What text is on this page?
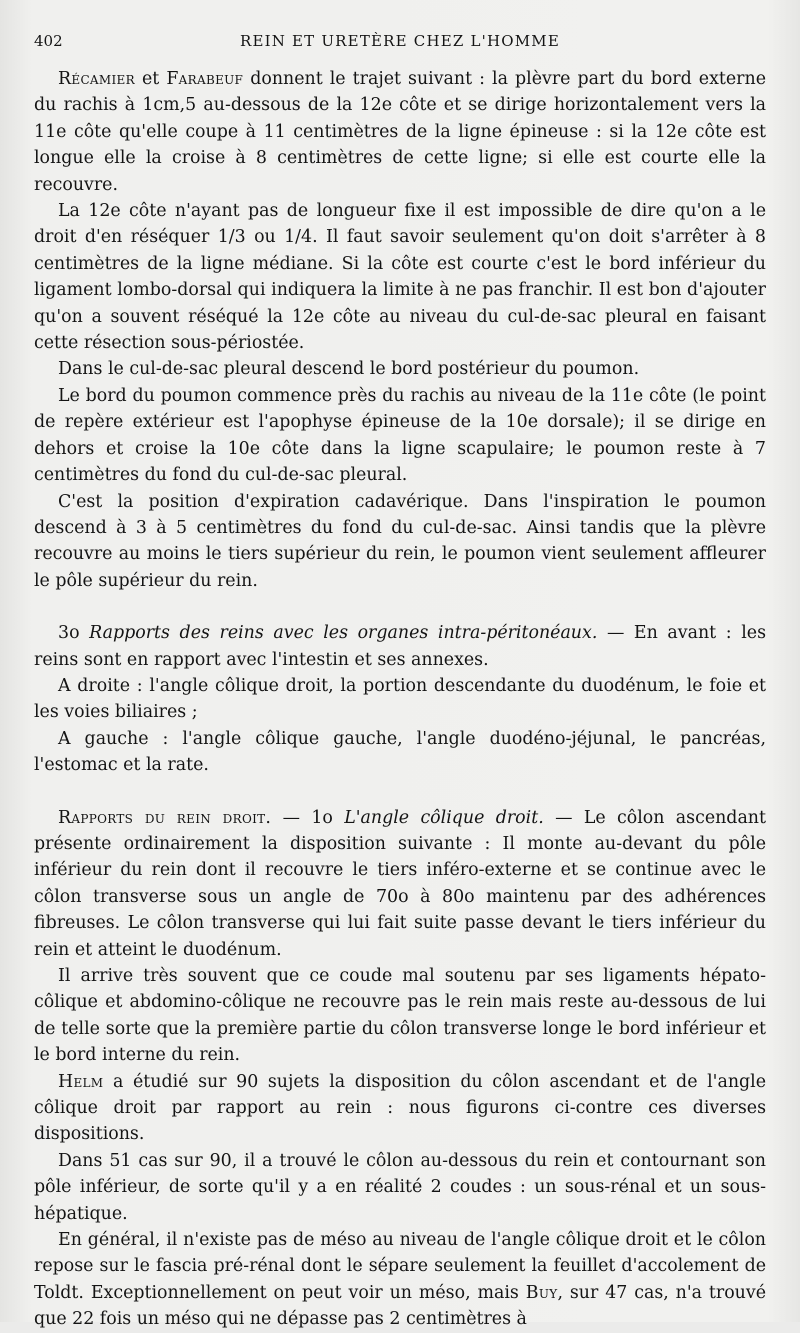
402	REIN ET URETÈRE CHEZ L'HOMME

Récamier et Farabeuf donnent le trajet suivant : la plèvre part du bord externe du rachis à 1cm,5 au-dessous de la 12e côte et se dirige horizontalement vers la 11e côte qu'elle coupe à 11 centimètres de la ligne épineuse : si la 12e côte est longue elle la croise à 8 centimètres de cette ligne; si elle est courte elle la recouvre.

La 12e côte n'ayant pas de longueur fixe il est impossible de dire qu'on a le droit d'en réséquer 1/3 ou 1/4. Il faut savoir seulement qu'on doit s'arrêter à 8 centimètres de la ligne médiane. Si la côte est courte c'est le bord inférieur du ligament lombo-dorsal qui indiquera la limite à ne pas franchir. Il est bon d'ajouter qu'on a souvent réséqué la 12e côte au niveau du cul-de-sac pleural en faisant cette résection sous-périostée.

Dans le cul-de-sac pleural descend le bord postérieur du poumon.

Le bord du poumon commence près du rachis au niveau de la 11e côte (le point de repère extérieur est l'apophyse épineuse de la 10e dorsale); il se dirige en dehors et croise la 10e côte dans la ligne scapulaire; le poumon reste à 7 centimètres du fond du cul-de-sac pleural.

C'est la position d'expiration cadavérique. Dans l'inspiration le poumon descend à 3 à 5 centimètres du fond du cul-de-sac. Ainsi tandis que la plèvre recouvre au moins le tiers supérieur du rein, le poumon vient seulement affleurer le pôle supérieur du rein.

3o Rapports des reins avec les organes intra-péritonéaux. — En avant : les reins sont en rapport avec l'intestin et ses annexes.

A droite : l'angle côlique droit, la portion descendante du duodénum, le foie et les voies biliaires ;

A gauche : l'angle côlique gauche, l'angle duodéno-jéjunal, le pancréas, l'estomac et la rate.

Rapports du rein droit. — 1o L'angle côlique droit. — Le côlon ascendant présente ordinairement la disposition suivante : Il monte au-devant du pôle inférieur du rein dont il recouvre le tiers inféro-externe et se continue avec le côlon transverse sous un angle de 70o à 80o maintenu par des adhérences fibreuses. Le côlon transverse qui lui fait suite passe devant le tiers inférieur du rein et atteint le duodénum.

Il arrive très souvent que ce coude mal soutenu par ses ligaments hépato-côlique et abdomino-côlique ne recouvre pas le rein mais reste au-dessous de lui de telle sorte que la première partie du côlon transverse longe le bord inférieur et le bord interne du rein.

Helm a étudié sur 90 sujets la disposition du côlon ascendant et de l'angle côlique droit par rapport au rein : nous figurons ci-contre ces diverses dispositions.

Dans 51 cas sur 90, il a trouvé le côlon au-dessous du rein et contournant son pôle inférieur, de sorte qu'il y a en réalité 2 coudes : un sous-rénal et un sous-hépatique.

En général, il n'existe pas de méso au niveau de l'angle côlique droit et le côlon repose sur le fascia pré-rénal dont le sépare seulement la feuillet d'accolement de Toldt. Exceptionnellement on peut voir un méso, mais Buy, sur 47 cas, n'a trouvé que 22 fois un méso qui ne dépasse pas 2 centimètres à
